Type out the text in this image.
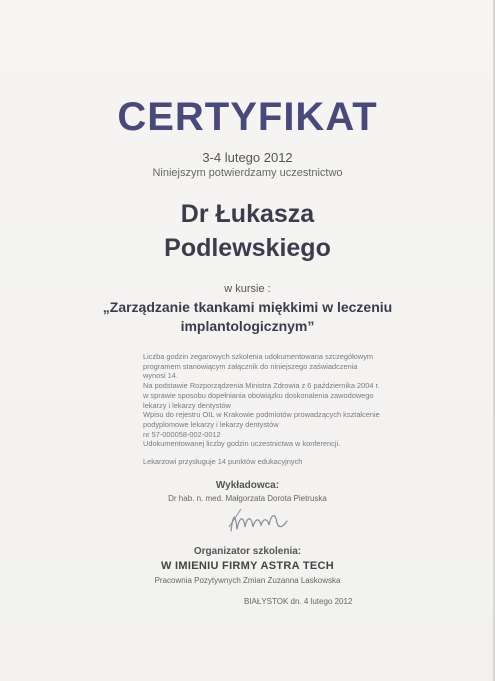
CERTYFIKAT
3-4 lutego 2012
Niniejszym potwierdzamy uczestnictwo
Dr Łukasza
Podlewskiego
w kursie :
„Zarządzanie tkankami miękkimi w leczeniu
implantologicznym”
Liczba godzin zegarowych szkolenia udokumentowana szczegółowym
programem stanowiącym załącznik do niniejszego zaświadczenia
wynosi 14.
Na podstawie Rozporządzenia Ministra Zdrowia z 6 października 2004 r.
w sprawie sposobu dopełniania obowiązku doskonalenia zawodowego
lekarzy i lekarzy dentystów
Wpisu do rejestru OIL w Krakowie podmiotów prowadzących kształcenie
podyplomowe lekarzy i lekarzy dentystów
nr 57-000058-002-0012
Udokumentowanej liczby godzin uczestnictwa w konferencji.
Lekarzowi przysługuje 14 punktów edukacyjnych
Wykładowca:
Dr hab. n. med. Małgorzata Dorota Pietruska
Organizator szkolenia:
W IMIENIU FIRMY ASTRA TECH
Pracownia Pozytywnych Zmian Zuzanna Laskowska
BIAŁYSTOK dn. 4 lutego 2012
